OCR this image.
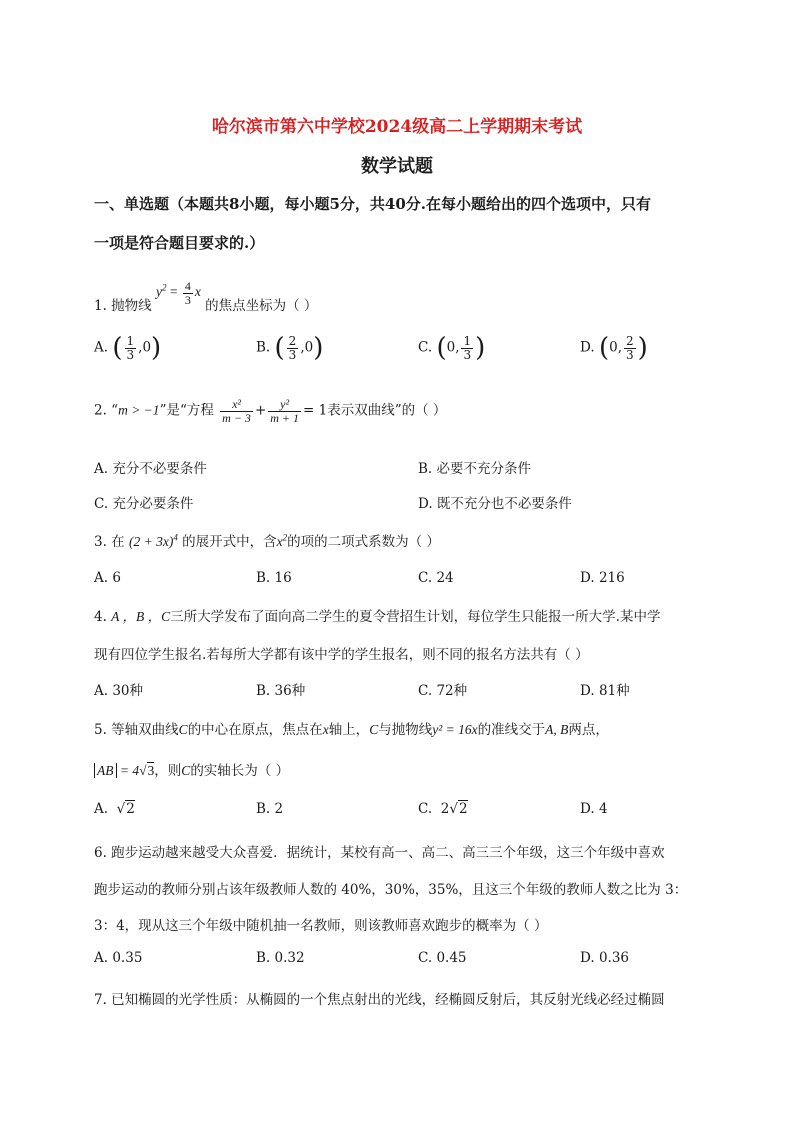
哈尔滨市第六中学校2024级高二上学期期末考试
数学试题
一、单选题（本题共8小题，每小题5分，共40分.在每小题给出的四个选项中，只有
一项是符合题目要求的.）
1. 抛物线 $y^2 = \frac{4}{3}$ x 的焦点坐标为（ ）
A. ( $\frac{1}{3} ,0$)	B. ( $\frac{2}{3} ,0$)	C. (0, $\frac{1}{3}$ )	D. (0, $\frac{2}{3}$ )
2. “m > −1”是“方程 $\frac{\text{x²}}{m - 3} + \frac{\text{y²}}{m + 1} = 1$表示双曲线”的（ ）
A. 充分不必要条件	B. 必要不充分条件
C. 充分必要条件	D. 既不充分也不必要条件
3. 在 $(2 + 3x)^4$ 的展开式中，含$x^2$的项的二项式系数为（ ）
A. 6	B. 16	C. 24	D. 216
4. A ，B ，C三所大学发布了面向高二学生的夏令营招生计划，每位学生只能报一所大学.某中学
现有四位学生报名.若每所大学都有该中学的学生报名，则不同的报名方法共有（ ）
A. 30种	B. 36种	C. 72种	D. 81种
5. 等轴双曲线C的中心在原点，焦点在x轴上，C与抛物线y² = 16x的准线交于A, B两点，
AB = 4√3，则C的实轴长为（ ）
A. √2	B. 2	C. 2√2	D. 4
6. 跑步运动越来越受大众喜爱．据统计，某校有高一、高二、高三三个年级，这三个年级中喜欢
跑步运动的教师分别占该年级教师人数的 40%，30%，35%，且这三个年级的教师人数之比为 3：
3：4，现从这三个年级中随机抽一名教师，则该教师喜欢跑步的概率为（ ）
A. 0.35	B. 0.32	C. 0.45	D. 0.36
7. 已知椭圆的光学性质：从椭圆的一个焦点射出的光线，经椭圆反射后，其反射光线必经过椭圆
